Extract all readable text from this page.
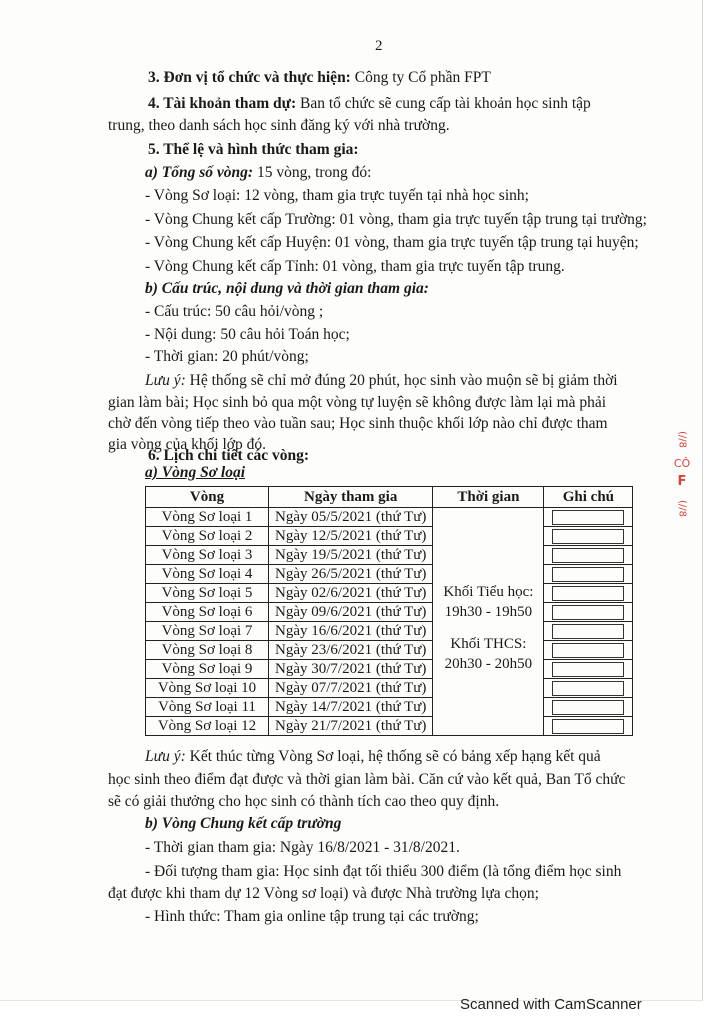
2
3. Đơn vị tổ chức và thực hiện: Công ty Cổ phần FPT
4. Tài khoản tham dự: Ban tổ chức sẽ cung cấp tài khoản học sinh tập
trung, theo danh sách học sinh đăng ký với nhà trường.
5. Thể lệ và hình thức tham gia:
a) Tổng số vòng: 15 vòng, trong đó:
- Vòng Sơ loại: 12 vòng, tham gia trực tuyến tại nhà học sinh;
- Vòng Chung kết cấp Trường: 01 vòng, tham gia trực tuyến tập trung tại trường;
- Vòng Chung kết cấp Huyện: 01 vòng, tham gia trực tuyến tập trung tại huyện;
- Vòng Chung kết cấp Tỉnh: 01 vòng, tham gia trực tuyến tập trung.
b) Cấu trúc, nội dung và thời gian tham gia:
- Cấu trúc: 50 câu hỏi/vòng ;
- Nội dung: 50 câu hỏi Toán học;
- Thời gian: 20 phút/vòng;
Lưu ý: Hệ thống sẽ chỉ mở đúng 20 phút, học sinh vào muộn sẽ bị giảm thời
gian làm bài; Học sinh bỏ qua một vòng tự luyện sẽ không được làm lại mà phải
chờ đến vòng tiếp theo vào tuần sau; Học sinh thuộc khối lớp nào chỉ được tham
gia vòng của khối lớp đó.
6. Lịch chi tiết các vòng:
a) Vòng Sơ loại
Vòng	Ngày tham gia	Thời gian	Ghi chú
Vòng Sơ loại 1	Ngày 05/5/2021 (thứ Tư)	Khối Tiểu học:
19h30 - 19h50
Khối THCS:
20h30 - 20h50	

Vòng Sơ loại 2	Ngày 12/5/2021 (thứ Tư)		

Vòng Sơ loại 3	Ngày 19/5/2021 (thứ Tư)		

Vòng Sơ loại 4	Ngày 26/5/2021 (thứ Tư)		

Vòng Sơ loại 5	Ngày 02/6/2021 (thứ Tư)		

Vòng Sơ loại 6	Ngày 09/6/2021 (thứ Tư)		

Vòng Sơ loại 7	Ngày 16/6/2021 (thứ Tư)		

Vòng Sơ loại 8	Ngày 23/6/2021 (thứ Tư)		

Vòng Sơ loại 9	Ngày 30/7/2021 (thứ Tư)		

Vòng Sơ loại 10	Ngày 07/7/2021 (thứ Tư)		

Vòng Sơ loại 11	Ngày 14/7/2021 (thứ Tư)		

Vòng Sơ loại 12	Ngày 21/7/2021 (thứ Tư)		
Lưu ý: Kết thúc từng Vòng Sơ loại, hệ thống sẽ có bảng xếp hạng kết quả
học sinh theo điểm đạt được và thời gian làm bài. Căn cứ vào kết quả, Ban Tổ chức
sẽ có giải thưởng cho học sinh có thành tích cao theo quy định.
b) Vòng Chung kết cấp trường
- Thời gian tham gia: Ngày 16/8/2021 - 31/8/2021.
- Đối tượng tham gia: Học sinh đạt tối thiểu 300 điểm (là tổng điểm học sinh
đạt được khi tham dự 12 Vòng sơ loại) và được Nhà trường lựa chọn;
- Hình thức: Tham gia online tập trung tại các trường;
(//8
CÔ
F
(//8
Scanned with CamScanner
